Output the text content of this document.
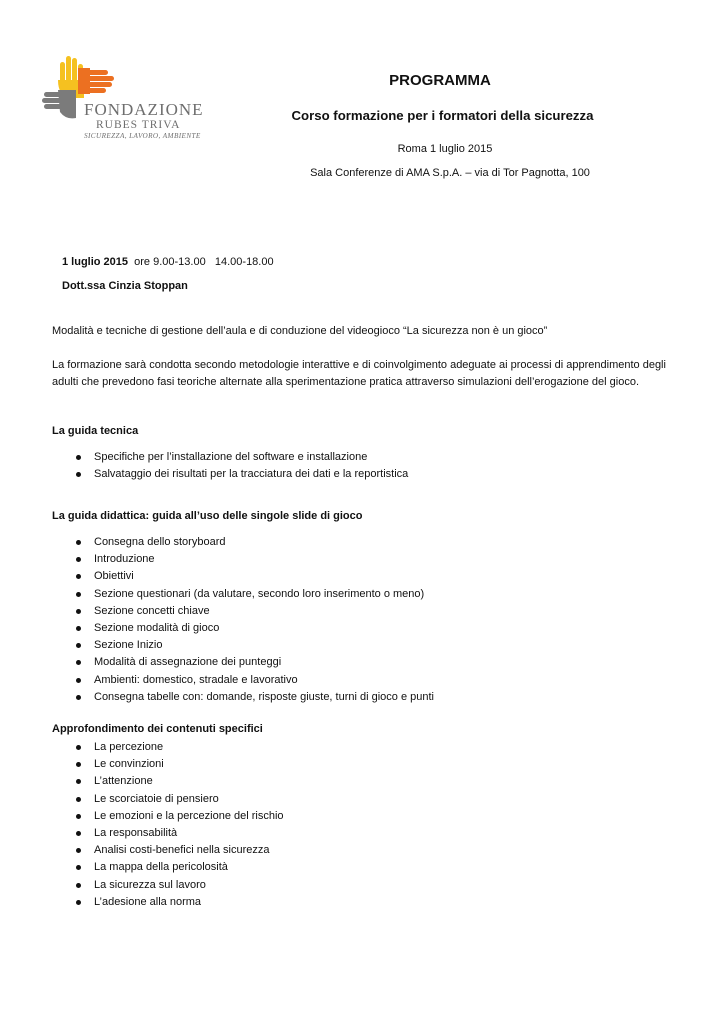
FONDAZIONE
RUBES TRIVA
SICUREZZA, LAVORO, AMBIENTE
PROGRAMMA
Corso formazione per i formatori della sicurezza
Roma 1 luglio 2015
Sala Conferenze di AMA S.p.A. – via di Tor Pagnotta, 100
1 luglio 2015 ore 9.00-13.00   14.00-18.00
Dott.ssa Cinzia Stoppan
Modalità e tecniche di gestione dell’aula e di conduzione del videogioco “La sicurezza non è un gioco”
La formazione sarà condotta secondo metodologie interattive e di coinvolgimento adeguate ai processi di apprendimento degli adulti che prevedono fasi teoriche alternate alla sperimentazione pratica attraverso simulazioni dell’erogazione del gioco.
La guida tecnica
Specifiche per l’installazione del software e installazione
Salvataggio dei risultati per la tracciatura dei dati e la reportistica
La guida didattica: guida all’uso delle singole slide di gioco
Consegna dello storyboard
Introduzione
Obiettivi
Sezione questionari (da valutare, secondo loro inserimento o meno)
Sezione concetti chiave
Sezione modalità di gioco
Sezione Inizio
Modalità di assegnazione dei punteggi
Ambienti: domestico, stradale e lavorativo
Consegna tabelle con: domande, risposte giuste, turni di gioco e punti
Approfondimento dei contenuti specifici
La percezione
Le convinzioni
L’attenzione
Le scorciatoie di pensiero
Le emozioni e la percezione del rischio
La responsabilità
Analisi costi-benefici nella sicurezza
La mappa della pericolosità
La sicurezza sul lavoro
L’adesione alla norma
